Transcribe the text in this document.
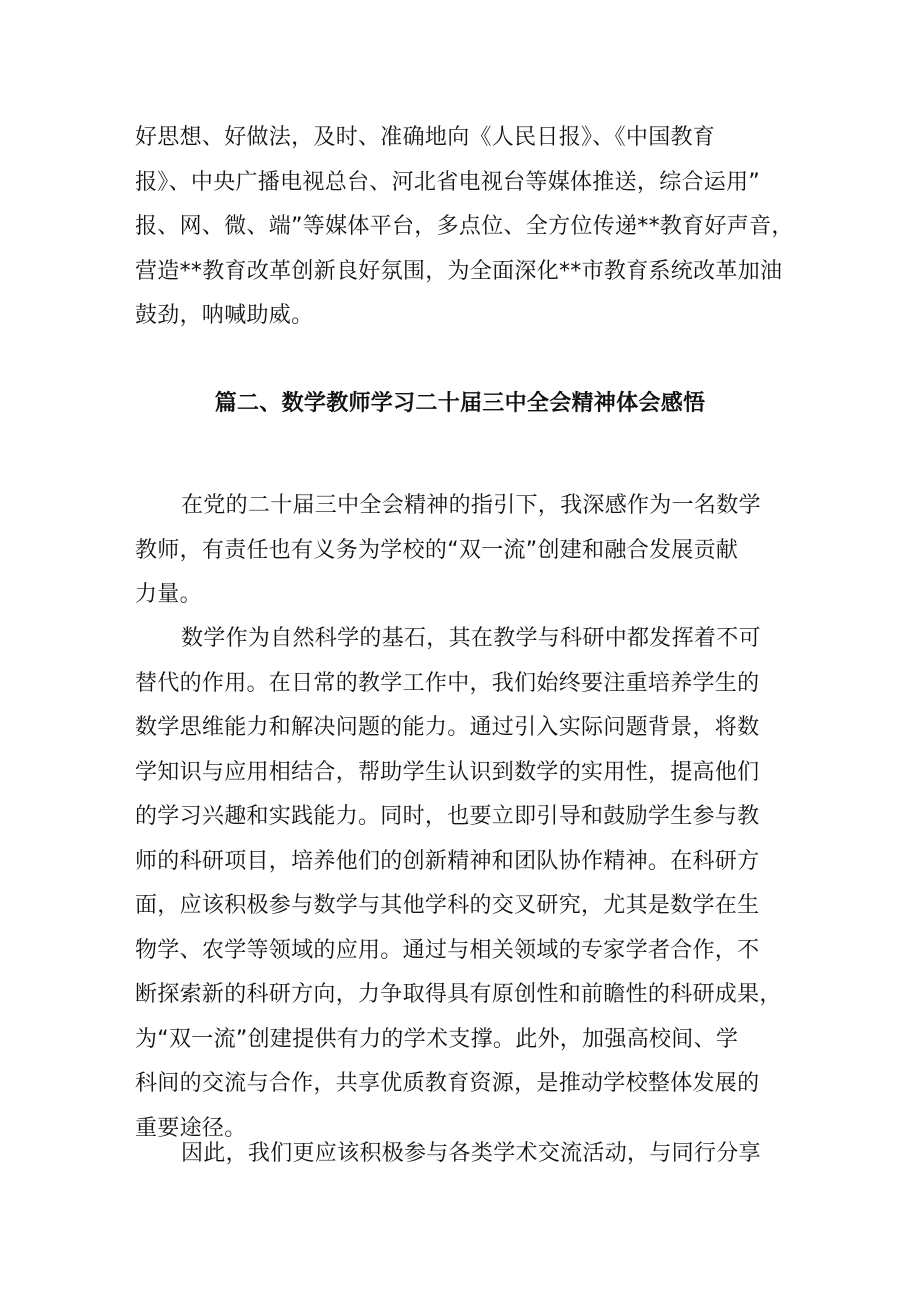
好思想、好做法，及时、准确地向《人民日报》、《中国教育
报》、中央广播电视总台、河北省电视台等媒体推送，综合运用”
报、网、微、端”等媒体平台，多点位、全方位传递**教育好声音，
营造**教育改革创新良好氛围，为全面深化**市教育系统改革加油
鼓劲，呐喊助威。
篇二、数学教师学习二十届三中全会精神体会感悟
在党的二十届三中全会精神的指引下，我深感作为一名数学
教师，有责任也有义务为学校的“双一流”创建和融合发展贡献
力量。
数学作为自然科学的基石，其在教学与科研中都发挥着不可
替代的作用。在日常的教学工作中，我们始终要注重培养学生的
数学思维能力和解决问题的能力。通过引入实际问题背景，将数
学知识与应用相结合，帮助学生认识到数学的实用性，提高他们
的学习兴趣和实践能力。同时，也要立即引导和鼓励学生参与教
师的科研项目，培养他们的创新精神和团队协作精神。在科研方
面，应该积极参与数学与其他学科的交叉研究，尤其是数学在生
物学、农学等领域的应用。通过与相关领域的专家学者合作，不
断探索新的科研方向，力争取得具有原创性和前瞻性的科研成果，
为“双一流”创建提供有力的学术支撑。此外，加强高校间、学
科间的交流与合作，共享优质教育资源，是推动学校整体发展的
重要途径。
因此，我们更应该积极参与各类学术交流活动，与同行分享
